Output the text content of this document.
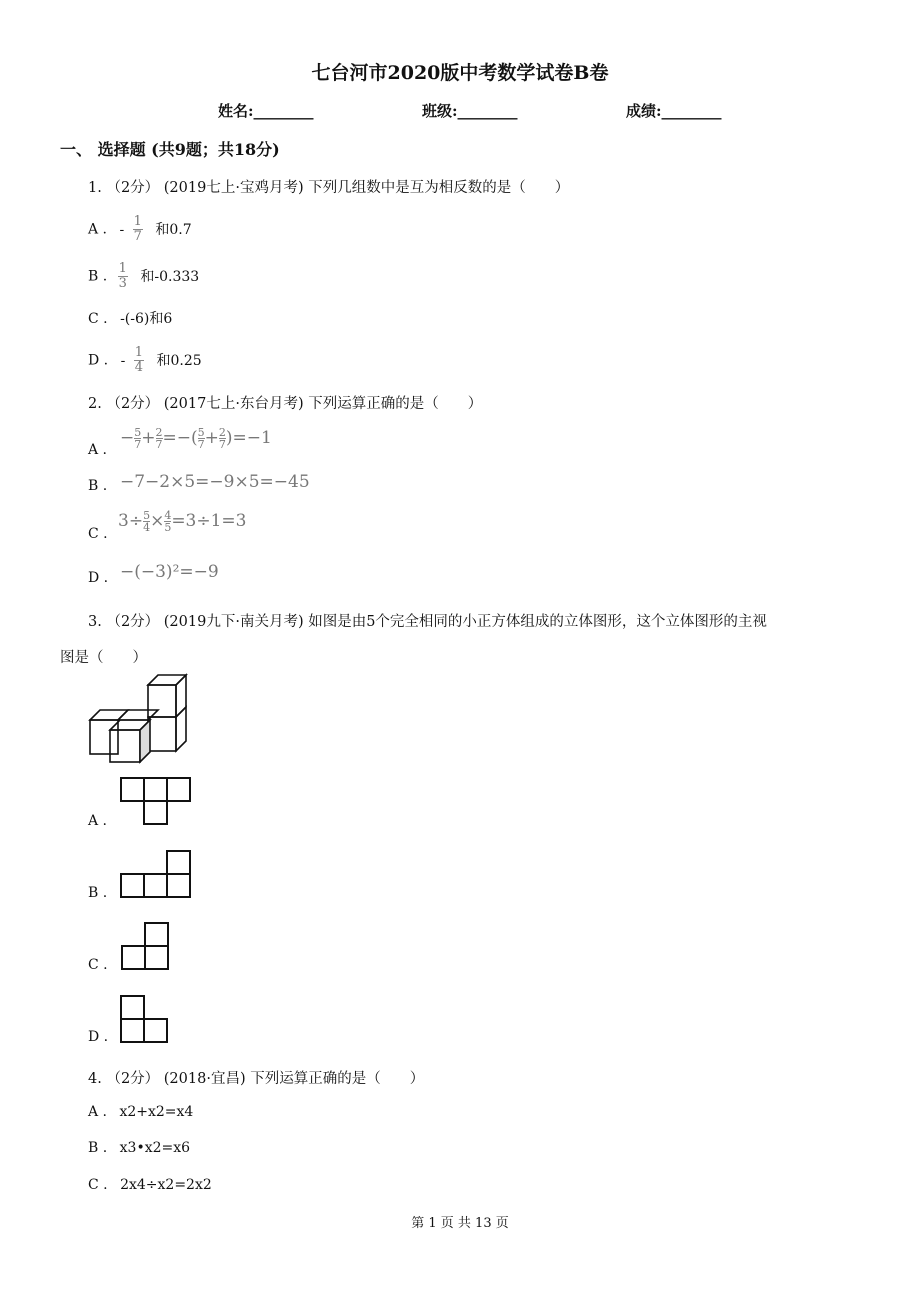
七台河市2020版中考数学试卷B卷
姓名:________	班级:________	成绩:________
一、 选择题 (共9题；共18分)
1. （2分） (2019七上·宝鸡月考) 下列几组数中是互为相反数的是（　　）
A . - $\frac{1}{7}$ 和0.7
B . $\frac{1}{3}$ 和-0.333
C . -(-6)和6
D . - $\frac{1}{4}$ 和0.25
2. （2分） (2017七上·东台月考) 下列运算正确的是（　　）
A .
− $\frac{5}{7}+ \frac{2}{7}=-( \frac{5}{7}+ \frac{2}{7})=-1$
B . −7−2×5=−9×5=−45
C .
$3\div \frac{5}{4}\times \frac{4}{5}=3\div 1=3$
D . −(−3)²=−9
3. （2分） (2019九下·南关月考) 如图是由5个完全相同的小正方体组成的立体图形，这个立体图形的主视
图是（　　）
A .
B .
C .
D .
4. （2分） (2018·宜昌) 下列运算正确的是（　　）
A . x2+x2=x4
B . x3•x2=x6
C . 2x4÷x2=2x2
第 1 页 共 13 页
